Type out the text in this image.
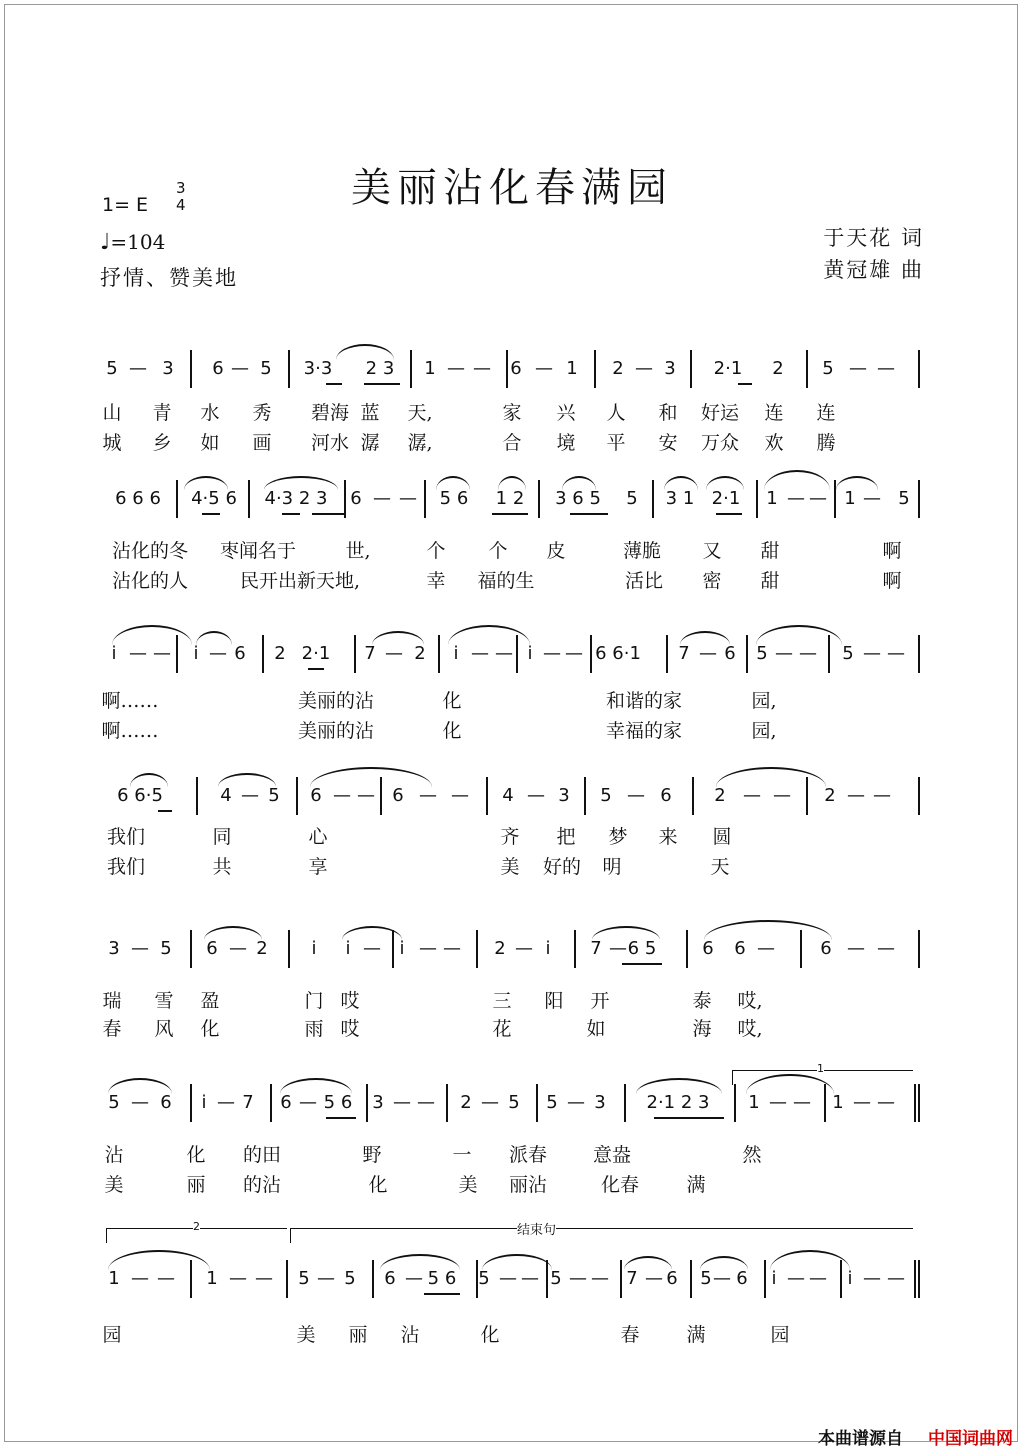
美丽沾化春满园
1= E
3
4
♩=104
抒情、赞美地
于天花 词
黄冠雄 曲
5 — 3 6 — 5 3·3 2 3 1 — — 6 — 1 2 — 3 2·1 2 5 — —
山 青 水 秀 碧海 蓝 天,	家 兴 人 和 好运 连 连
城 乡 如 画 河水 潺 潺,	合 境 平 安 万众 欢 腾
6 6 6 4·5 6 4·3 2 3 6 — — 5 6 1 2 3 6 5 5 3 1 2·1 1 — — 1 — 5
沾化的冬 枣闻名于	世,	个 个 皮	薄脆 又 甜	啊
沾化的人	民开出新天地,	幸 福的生	活比 密 甜	啊
i — — i — 6 2 2·1 7 — 2 i — — i — — 6 6·1 7 — 6 5 — — 5 — —
啊……	美丽的沾	化	和谐的家	园,
啊……	美丽的沾	化	幸福的家	园,
6 6·5	4 — 5 6 — — 6 — — 4 — 3 5 — 6 2 — — 2 — —
我们	同	心	齐 把 梦 来 圆
我们	共	享	美 好的 明	天
3 — 5 6 — 2 i i — i — — 2 — i 7 — 6 5	6 6 —	6 — —
瑞 雪 盈	门 哎	三 阳 开	泰 哎,
春 风 化	雨 哎	花	如	海 哎,
5 — 6 i — 7 6 — 5 6 3 — — 2 — 5 5 — 3 2·1 2 3 1 — — 1 — —
沾	化 的田	野	一 派春 意盎	然
美	丽 的沾	化	美 丽沾	化春 满
1 — — 1 — — 5 — 5 6 — 5 6 5 — — 5 — — 7 — 6 5 — 6 i — — i — —
园	美 丽 沾	化	春 满	园
1
2	结束句
本曲谱源自 中国词曲网
